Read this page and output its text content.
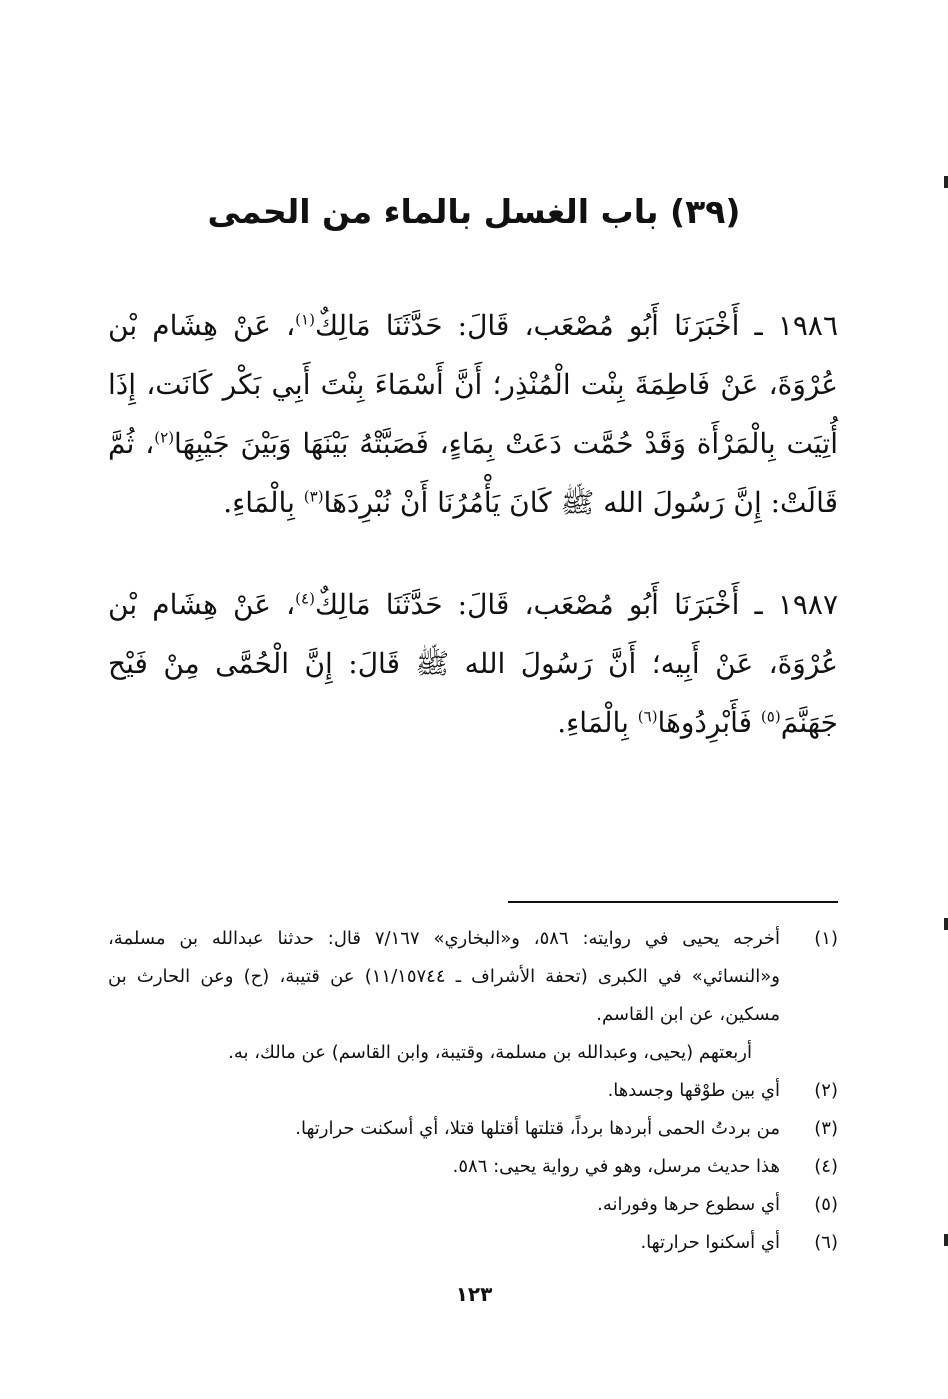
(٣٩) باب الغسل بالماء من الحمى

١٩٨٦ ـ أَخْبَرَنَا أَبُو مُصْعَب، قَالَ: حَدَّثَنَا مَالِكٌ$^{(١)}$، عَنْ هِشَام بْن عُرْوَةَ، عَنْ فَاطِمَةَ بِنْت الْمُنْذِر؛ أَنَّ أَسْمَاءَ بِنْتَ أَبِي بَكْر كَانَت، إِذَا أُتِيَت بِالْمَرْأَة وَقَدْ حُمَّت دَعَتْ بِمَاءٍ، فَصَبَّتْهُ بَيْنَهَا وَبَيْنَ جَيْبِهَا$^{(٢)}$، ثُمَّ قَالَتْ: إِنَّ رَسُولَ الله ﷺ كَانَ يَأْمُرُنَا أَنْ نُبْرِدَهَا$^{(٣)}$ بِالْمَاءِ.

١٩٨٧ ـ أَخْبَرَنَا أَبُو مُصْعَب، قَالَ: حَدَّثَنَا مَالِكٌ$^{(٤)}$، عَنْ هِشَام بْن عُرْوَةَ، عَنْ أَبِيه؛ أَنَّ رَسُولَ الله ﷺ قَالَ: إِنَّ الْحُمَّى مِنْ فَيْح جَهَنَّمَ$^{(٥)}$ فَأَبْرِدُوهَا$^{(٦)}$ بِالْمَاءِ.

(١)
أخرجه يحيى في روايته: ٥٨٦، و«البخاري» ٧/١٦٧ قال: حدثنا عبدالله بن مسلمة، و«النسائي» في الكبرى (تحفة الأشراف ـ ١١/١٥٧٤٤) عن قتيبة، (ح) وعن الحارث بن مسكين، عن ابن القاسم.
أربعتهم (يحيى، وعبدالله بن مسلمة، وقتيبة، وابن القاسم) عن مالك، به.
(٢)
أي بين طوْقها وجسدها.
(٣)
من بردتُ الحمى أبردها برداً، قتلتها أقتلها قتلا، أي أسكنت حرارتها.
(٤)
هذا حديث مرسل، وهو في رواية يحيى: ٥٨٦.
(٥)
أي سطوع حرها وفورانه.
(٦)
أي أسكنوا حرارتها.
١٢٣
